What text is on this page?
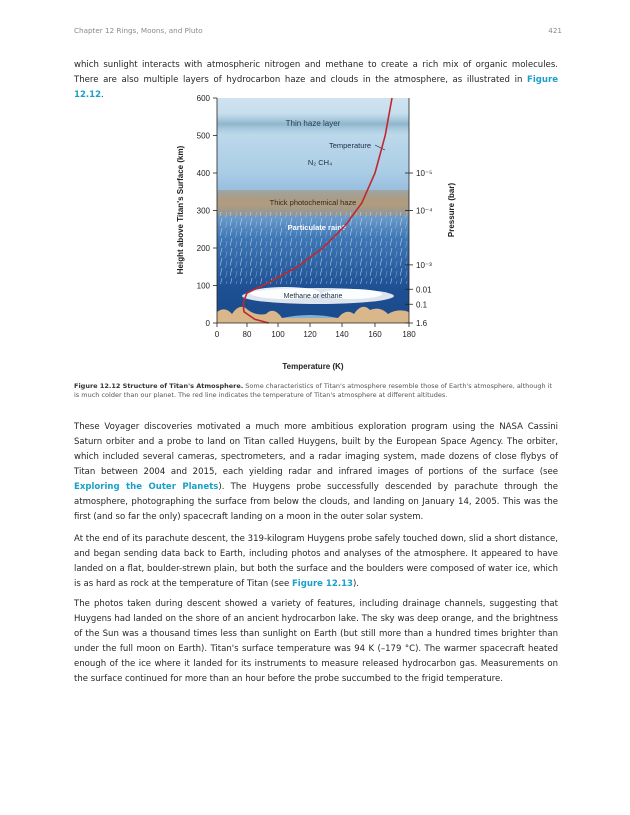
Chapter 12 Rings, Moons, and Pluto	421

which sunlight interacts with atmospheric nitrogen and methane to create a rich mix of organic molecules. There are also multiple layers of hydrocarbon haze and clouds in the atmosphere, as illustrated in Figure 12.12.

Thin haze layer
Temperature
N₂ CH₄
Thick photochemical haze
Particulate rain?
Methane or ethane
0
100
200
300
400
500
600
0	80 100 120 140 160	180
1.6
0.1
0.01
10⁻³
10⁻⁴
10⁻⁵
Temperature (K)
Height above Titan's Surface (km)	Pressure (bar)

Figure 12.12 Structure of Titan's Atmosphere. Some characteristics of Titan's atmosphere resemble those of Earth's atmosphere, although it is much colder than our planet. The red line indicates the temperature of Titan's atmosphere at different altitudes.

These Voyager discoveries motivated a much more ambitious exploration program using the NASA Cassini Saturn orbiter and a probe to land on Titan called Huygens, built by the European Space Agency. The orbiter, which included several cameras, spectrometers, and a radar imaging system, made dozens of close flybys of Titan between 2004 and 2015, each yielding radar and infrared images of portions of the surface (see Exploring the Outer Planets). The Huygens probe successfully descended by parachute through the atmosphere, photographing the surface from below the clouds, and landing on January 14, 2005. This was the first (and so far the only) spacecraft landing on a moon in the outer solar system.

At the end of its parachute descent, the 319-kilogram Huygens probe safely touched down, slid a short distance, and began sending data back to Earth, including photos and analyses of the atmosphere. It appeared to have landed on a flat, boulder-strewn plain, but both the surface and the boulders were composed of water ice, which is as hard as rock at the temperature of Titan (see Figure 12.13).

The photos taken during descent showed a variety of features, including drainage channels, suggesting that Huygens had landed on the shore of an ancient hydrocarbon lake. The sky was deep orange, and the brightness of the Sun was a thousand times less than sunlight on Earth (but still more than a hundred times brighter than under the full moon on Earth). Titan's surface temperature was 94 K (–179 °C). The warmer spacecraft heated enough of the ice where it landed for its instruments to measure released hydrocarbon gas. Measurements on the surface continued for more than an hour before the probe succumbed to the frigid temperature.
